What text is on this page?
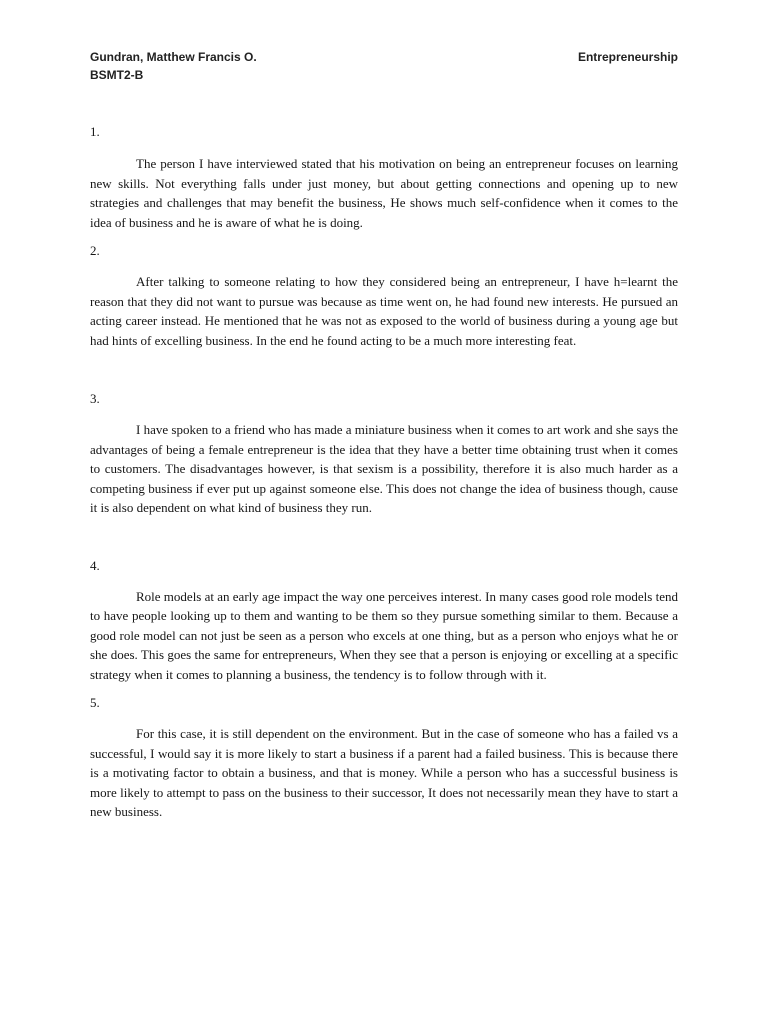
Gundran, Matthew Francis O.	Entrepreneurship
BSMT2-B

1.

The person I have interviewed stated that his motivation on being an entrepreneur focuses on learning new skills. Not everything falls under just money, but about getting connections and opening up to new strategies and challenges that may benefit the business, He shows much self-confidence when it comes to the idea of business and he is aware of what he is doing.

2.

After talking to someone relating to how they considered being an entrepreneur, I have h=learnt the reason that they did not want to pursue was because as time went on, he had found new interests. He pursued an acting career instead. He mentioned that he was not as exposed to the world of business during a young age but had hints of excelling business. In the end he found acting to be a much more interesting feat.

3.

I have spoken to a friend who has made a miniature business when it comes to art work and she says the advantages of being a female entrepreneur is the idea that they have a better time obtaining trust when it comes to customers. The disadvantages however, is that sexism is a possibility, therefore it is also much harder as a competing business if ever put up against someone else. This does not change the idea of business though, cause it is also dependent on what kind of business they run.

4.

Role models at an early age impact the way one perceives interest. In many cases good role models tend to have people looking up to them and wanting to be them so they pursue something similar to them. Because a good role model can not just be seen as a person who excels at one thing, but as a person who enjoys what he or she does. This goes the same for entrepreneurs, When they see that a person is enjoying or excelling at a specific strategy when it comes to planning a business, the tendency is to follow through with it.

5.

For this case, it is still dependent on the environment. But in the case of someone who has a failed vs a successful, I would say it is more likely to start a business if a parent had a failed business. This is because there is a motivating factor to obtain a business, and that is money. While a person who has a successful business is more likely to attempt to pass on the business to their successor, It does not necessarily mean they have to start a new business.
